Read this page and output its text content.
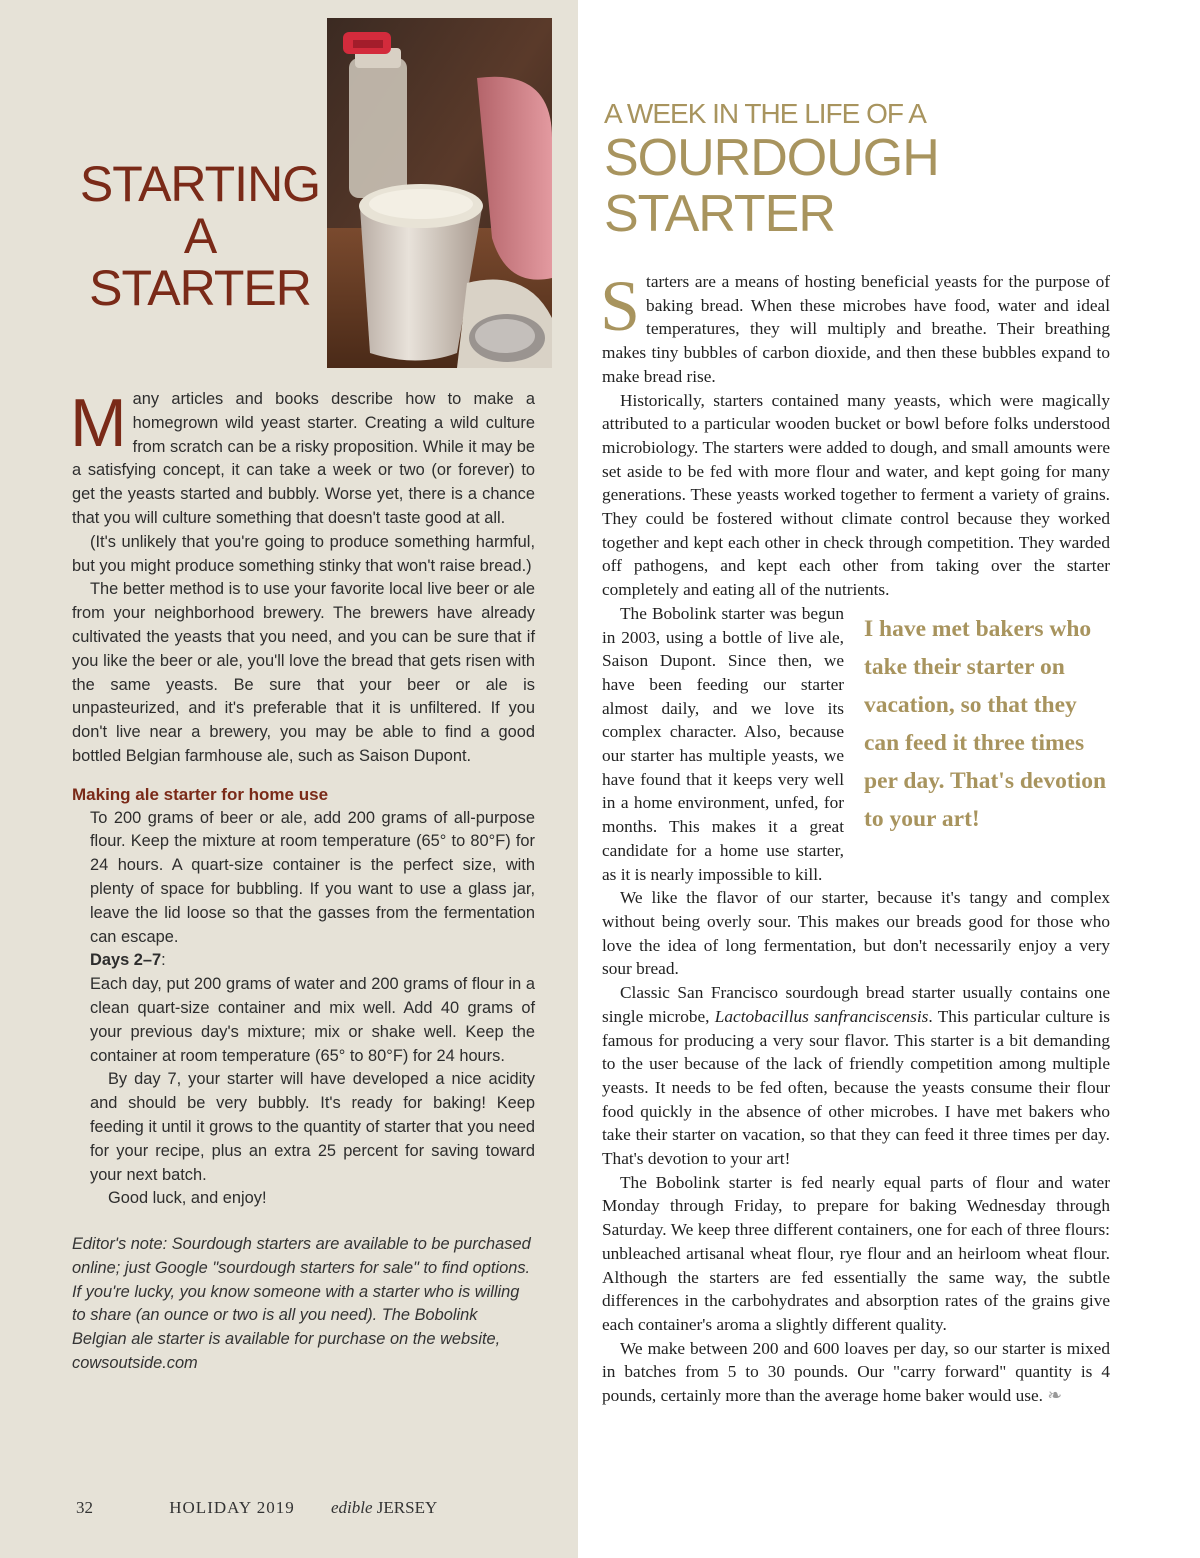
STARTING
A
STARTER

Many articles and books describe how to make a homegrown wild yeast starter. Creating a wild culture from scratch can be a risky proposition. While it may be a satisfying concept, it can take a week or two (or forever) to get the yeasts started and bubbly. Worse yet, there is a chance that you will culture something that doesn't taste good at all.

(It's unlikely that you're going to produce something harmful, but you might produce something stinky that won't raise bread.)

The better method is to use your favorite local live beer or ale from your neighborhood brewery. The brewers have already cultivated the yeasts that you need, and you can be sure that if you like the beer or ale, you'll love the bread that gets risen with the same yeasts. Be sure that your beer or ale is unpasteurized, and it's preferable that it is unfiltered. If you don't live near a brewery, you may be able to find a good bottled Belgian farmhouse ale, such as Saison Dupont.

Making ale starter for home use

To 200 grams of beer or ale, add 200 grams of all-purpose flour. Keep the mixture at room temperature (65° to 80°F) for 24 hours. A quart-size container is the perfect size, with plenty of space for bubbling. If you want to use a glass jar, leave the lid loose so that the gasses from the fermentation can escape.

Days 2–7:

Each day, put 200 grams of water and 200 grams of flour in a clean quart-size container and mix well. Add 40 grams of your previous day's mixture; mix or shake well. Keep the container at room temperature (65° to 80°F) for 24 hours.

By day 7, your starter will have developed a nice acidity and should be very bubbly. It's ready for baking! Keep feeding it until it grows to the quantity of starter that you need for your recipe, plus an extra 25 percent for saving toward your next batch.

Good luck, and enjoy!

Editor's note: Sourdough starters are available to be purchased online; just Google "sourdough starters for sale" to find options. If you're lucky, you know someone with a starter who is willing to share (an ounce or two is all you need). The Bobolink Belgian ale starter is available for purchase on the website, cowsoutside.com

32	HOLIDAY 2019 edible JERSEY
A WEEK IN THE LIFE OF A
SOURDOUGH
STARTER

Starters are a means of hosting beneficial yeasts for the purpose of baking bread. When these microbes have food, water and ideal temperatures, they will multiply and breathe. Their breathing makes tiny bubbles of carbon dioxide, and then these bubbles expand to make bread rise.

Historically, starters contained many yeasts, which were magically attributed to a particular wooden bucket or bowl before folks understood microbiology. The starters were added to dough, and small amounts were set aside to be fed with more flour and water, and kept going for many generations. These yeasts worked together to ferment a variety of grains. They could be fostered without climate control because they worked together and kept each other in check through competition. They warded off pathogens, and kept each other from taking over the starter completely and eating all of the nutrients.

I have met bakers who take their starter on vacation, so that they can feed it three times per day. That's devotion to your art!

The Bobolink starter was begun in 2003, using a bottle of live ale, Saison Dupont. Since then, we have been feeding our starter almost daily, and we love its complex character. Also, because our starter has multiple yeasts, we have found that it keeps very well in a home environment, unfed, for months. This makes it a great candidate for a home use starter, as it is nearly impossible to kill.

We like the flavor of our starter, because it's tangy and complex without being overly sour. This makes our breads good for those who love the idea of long fermentation, but don't necessarily enjoy a very sour bread.

Classic San Francisco sourdough bread starter usually contains one single microbe, Lactobacillus sanfranciscensis. This particular culture is famous for producing a very sour flavor. This starter is a bit demanding to the user because of the lack of friendly competition among multiple yeasts. It needs to be fed often, because the yeasts consume their flour food quickly in the absence of other microbes. I have met bakers who take their starter on vacation, so that they can feed it three times per day. That's devotion to your art!

The Bobolink starter is fed nearly equal parts of flour and water Monday through Friday, to prepare for baking Wednesday through Saturday. We keep three different containers, one for each of three flours: unbleached artisanal wheat flour, rye flour and an heirloom wheat flour. Although the starters are fed essentially the same way, the subtle differences in the carbohydrates and absorption rates of the grains give each container's aroma a slightly different quality.

We make between 200 and 600 loaves per day, so our starter is mixed in batches from 5 to 30 pounds. Our "carry forward" quantity is 4 pounds, certainly more than the average home baker would use. ❧
